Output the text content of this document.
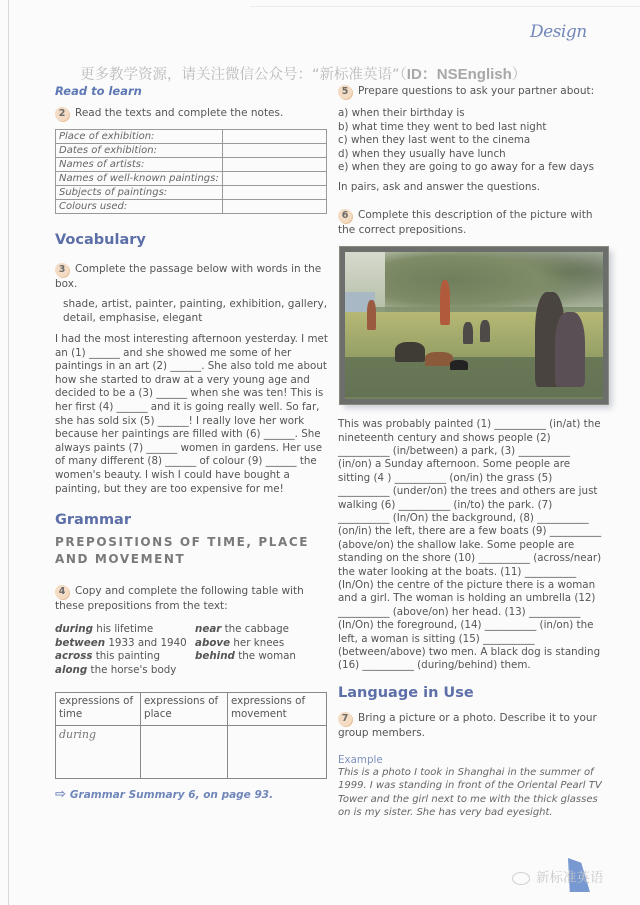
Design
更多教学资源，请关注微信公众号：“新标准英语”（ID：NSEnglish）
Read to learn
2 Read the texts and complete the notes.
Place of exhibition:	
Dates of exhibition:	
Names of artists:	
Names of well-known paintings:	
Subjects of paintings:	
Colours used:	
Vocabulary
3 Complete the passage below with words in the box.
shade, artist, painter, painting, exhibition, gallery, detail, emphasise, elegant
I had the most interesting afternoon yesterday. I met an (1) ______ and she showed me some of her paintings in an art (2) ______. She also told me about how she started to draw at a very young age and decided to be a (3) ______ when she was ten! This is her first (4) ______ and it is going really well. So far, she has sold six (5) ______! I really love her work because her paintings are filled with (6) ______. She always paints (7) ______ women in gardens. Her use of many different (8) ______ of colour (9) ______ the women's beauty. I wish I could have bought a painting, but they are too expensive for me!
Grammar
PREPOSITIONS OF TIME, PLACE
AND MOVEMENT
4 Copy and complete the following table with these prepositions from the text:
during his lifetime
between 1933 and 1940
across this painting
along the horse's body
near the cabbage
above her knees
behind the woman
expressions of time	expressions of place	expressions of movement
during		
⇨ Grammar Summary 6, on page 93.
5 Prepare questions to ask your partner about:
a) when their birthday is
b) what time they went to bed last night
c) when they last went to the cinema
d) when they usually have lunch
e) when they are going to go away for a few days
In pairs, ask and answer the questions.
6 Complete this description of the picture with the correct prepositions.
This was probably painted (1) __________ (in/at) the nineteenth century and shows people (2) __________ (in/between) a park, (3) __________ (in/on) a Sunday afternoon. Some people are sitting (4 ) __________ (on/in) the grass (5) __________ (under/on) the trees and others are just walking (6) __________ (in/to) the park. (7) __________ (In/On) the background, (8) __________ (on/in) the left, there are a few boats (9) __________ (above/on) the shallow lake. Some people are standing on the shore (10) __________ (across/near) the water looking at the boats. (11) __________ (In/On) the centre of the picture there is a woman and a girl. The woman is holding an umbrella (12) __________ (above/on) her head. (13) __________ (In/On) the foreground, (14) __________ (in/on) the left, a woman is sitting (15) __________ (between/above) two men. A black dog is standing (16) __________ (during/behind) them.
Language in Use
7 Bring a picture or a photo. Describe it to your group members.
Example
This is a photo I took in Shanghai in the summer of 1999. I was standing in front of the Oriental Pearl TV Tower and the girl next to me with the thick glasses on is my sister. She has very bad eyesight.
新标准英语
